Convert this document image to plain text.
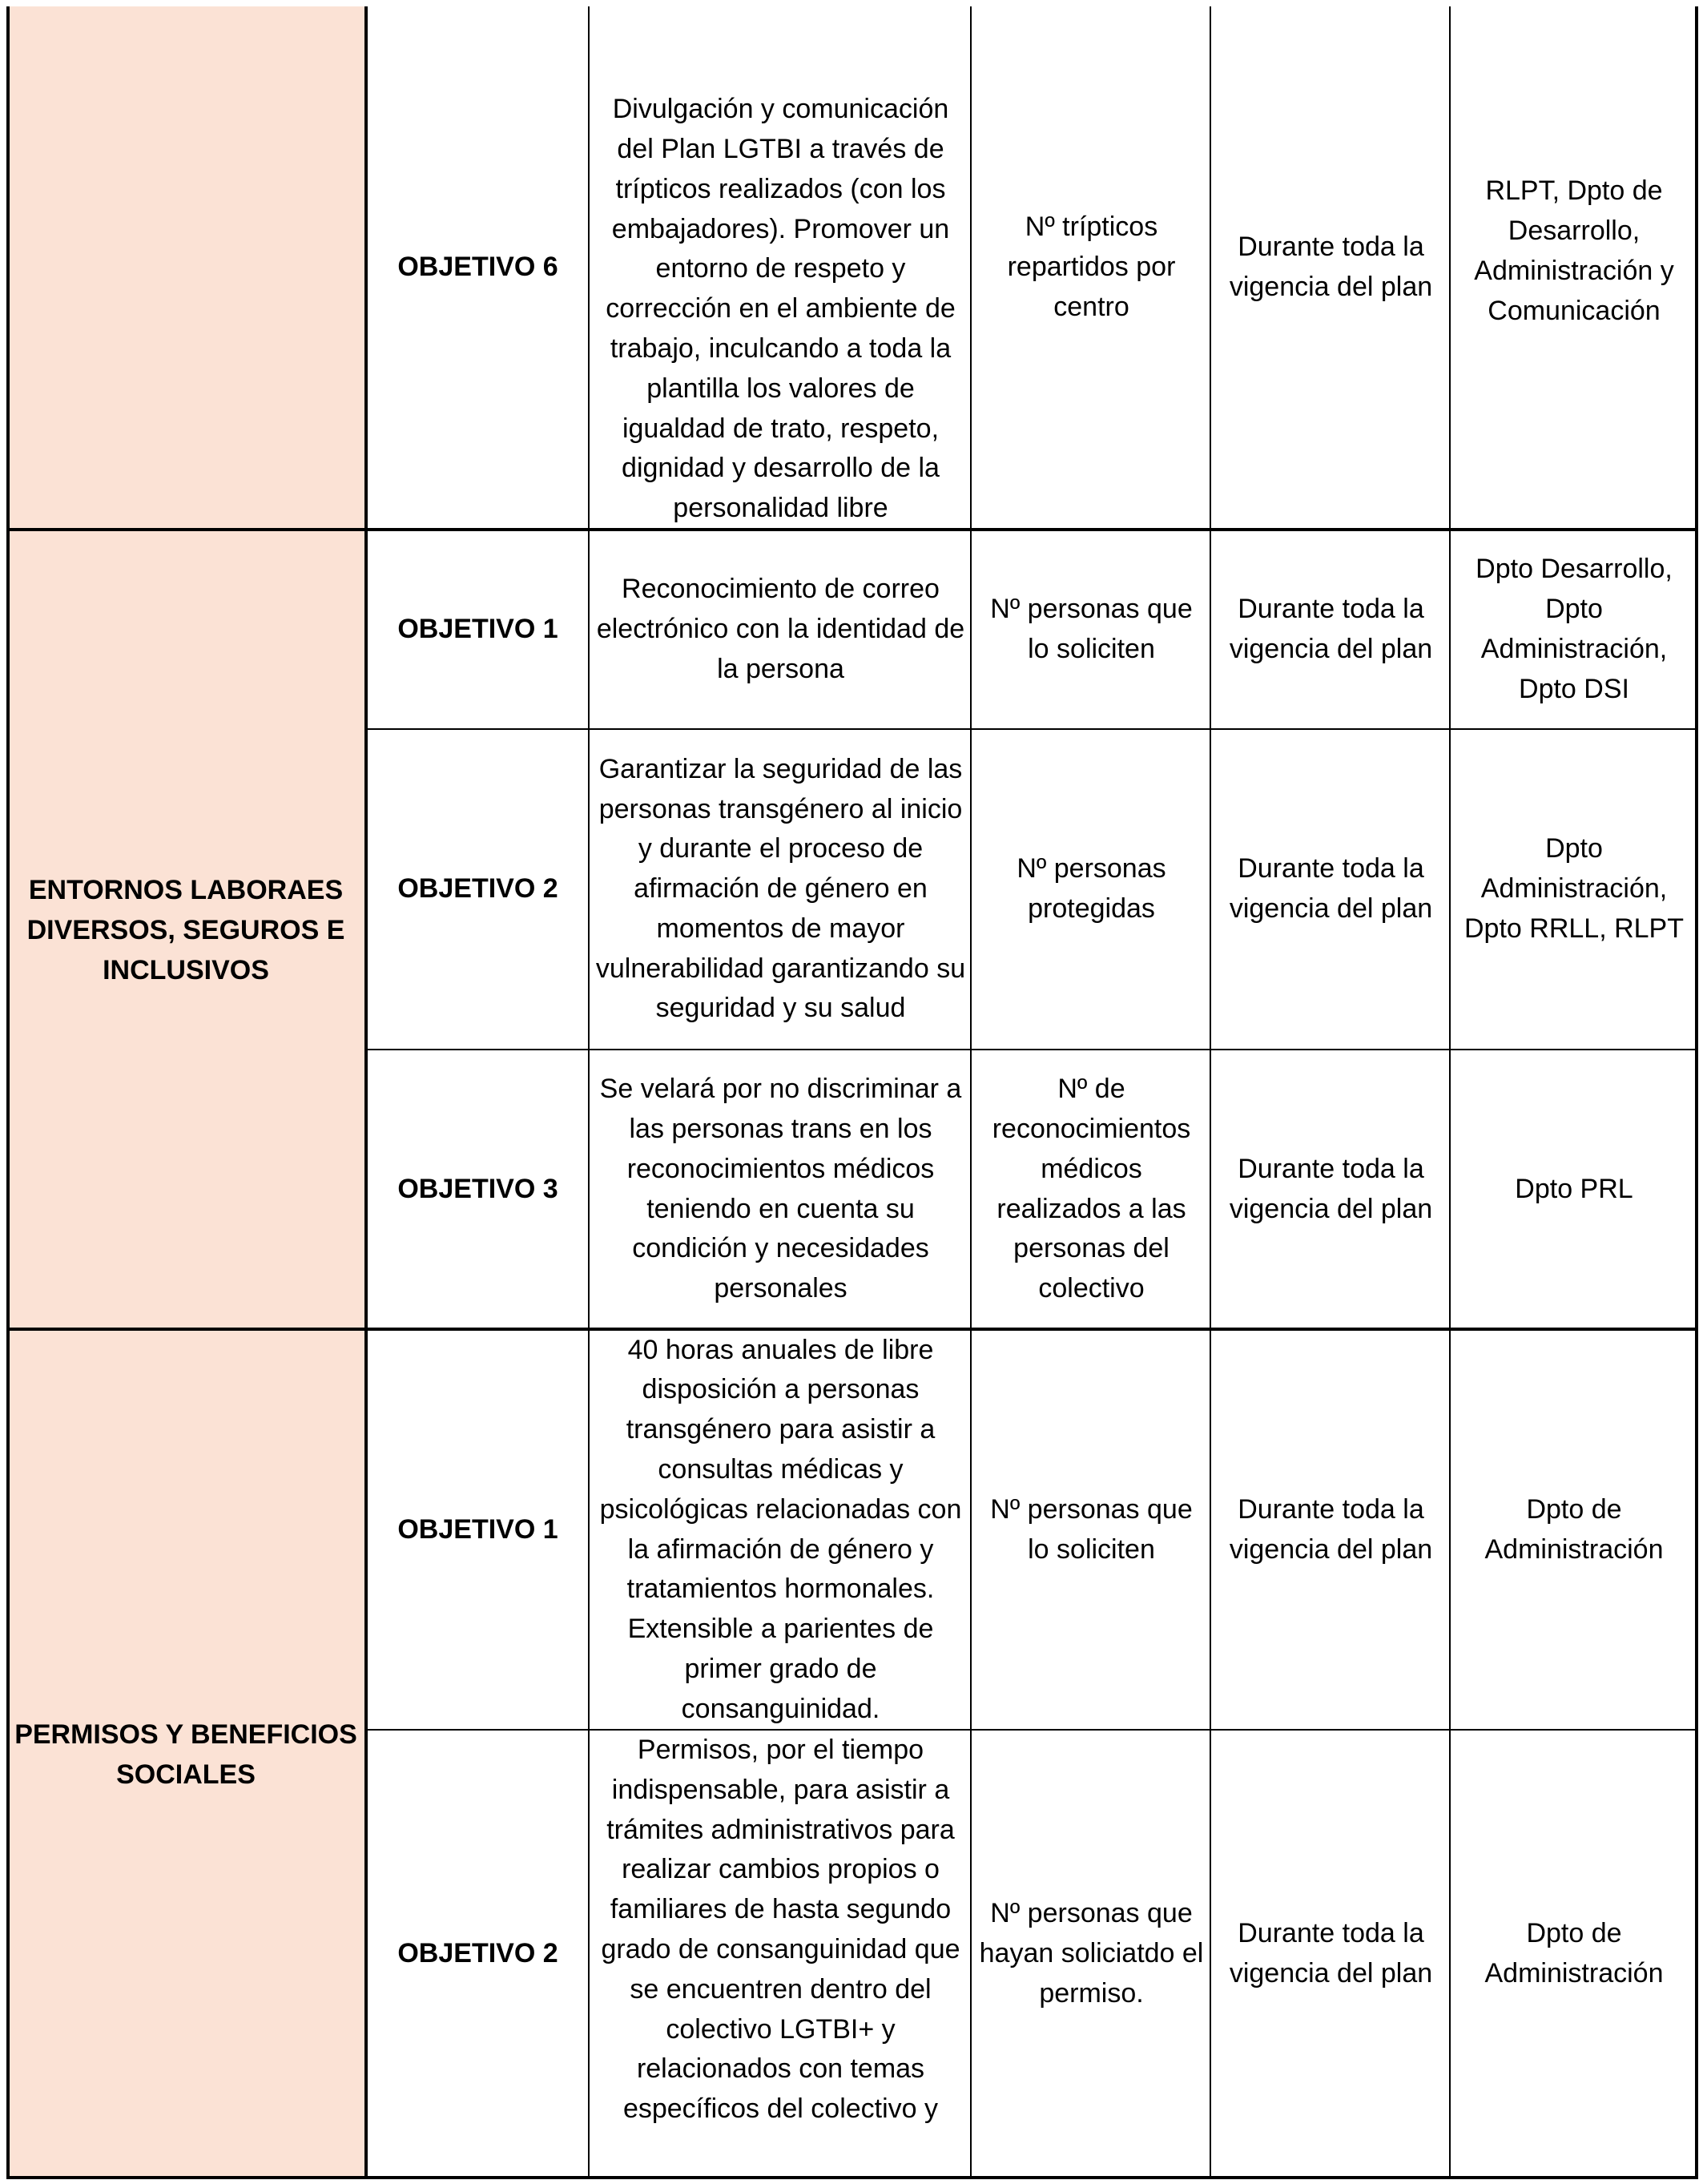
ENTORNOS LABORAES DIVERSOS, SEGUROS E INCLUSIVOS
PERMISOS Y BENEFICIOS SOCIALES
OBJETIVO 6
Divulgación y comunicación del Plan LGTBI a través de trípticos realizados (con los embajadores). Promover un entorno de respeto y corrección en el ambiente de trabajo, inculcando a toda la plantilla los valores de igualdad de trato, respeto, dignidad y desarrollo de la personalidad libre
Nº trípticos repartidos por centro
Durante toda la vigencia del plan
RLPT, Dpto de Desarrollo, Administración y Comunicación
OBJETIVO 1
Reconocimiento de correo electrónico con la identidad de la persona
Nº personas que lo soliciten
Durante toda la vigencia del plan
Dpto Desarrollo, Dpto Administración, Dpto DSI
OBJETIVO 2
Garantizar la seguridad de las personas transgénero al inicio y durante el proceso de afirmación de género en momentos de mayor vulnerabilidad garantizando su seguridad y su salud
Nº personas protegidas
Durante toda la vigencia del plan
Dpto Administración, Dpto RRLL, RLPT
OBJETIVO 3
Se velará por no discriminar a las personas trans en los reconocimientos médicos teniendo en cuenta su condición y necesidades personales
Nº de reconocimientos médicos realizados a las personas del colectivo
Durante toda la vigencia del plan
Dpto PRL
OBJETIVO 1
40 horas anuales de libre disposición a personas transgénero para asistir a consultas médicas y psicológicas relacionadas con la afirmación de género y tratamientos hormonales. Extensible a parientes de primer grado de consanguinidad.
Nº personas que lo soliciten
Durante toda la vigencia del plan
Dpto de Administración
OBJETIVO 2
Permisos, por el tiempo indispensable, para asistir a trámites administrativos para realizar cambios propios o familiares de hasta segundo grado de consanguinidad que se encuentren dentro del colectivo LGTBI+ y relacionados con temas específicos del colectivo y
Nº personas que hayan soliciatdo el permiso.
Durante toda la vigencia del plan
Dpto de Administración
